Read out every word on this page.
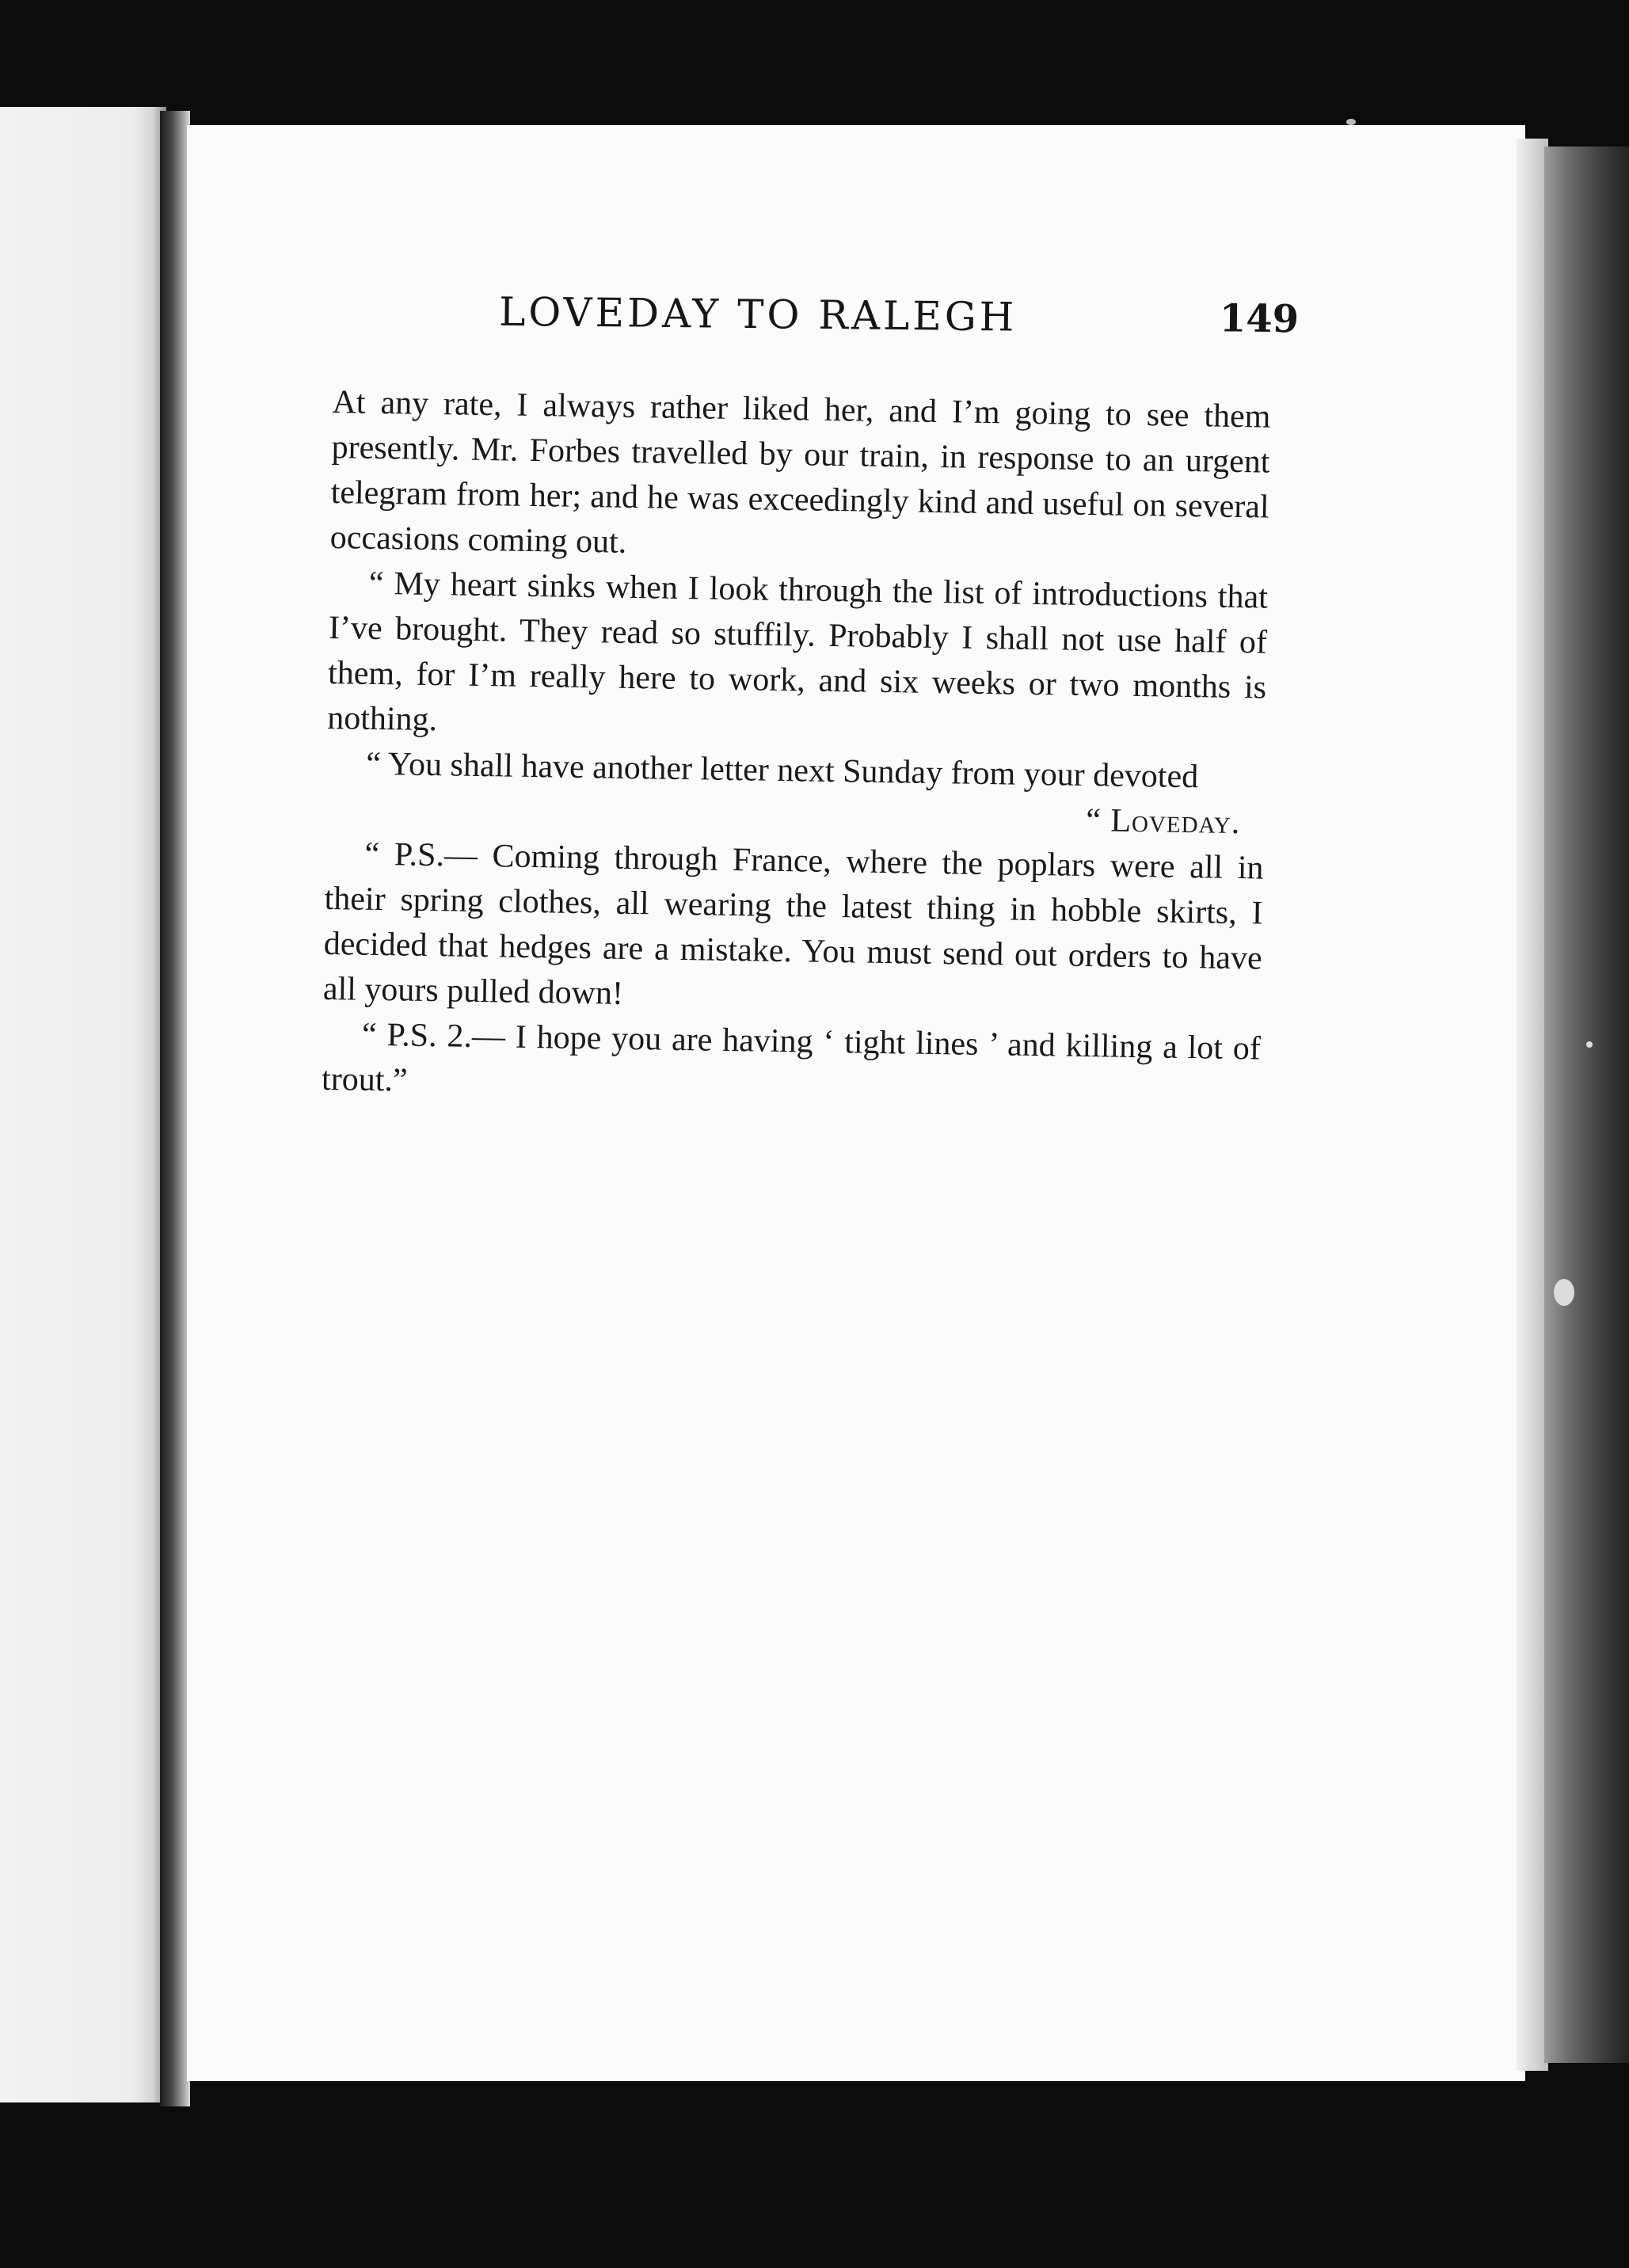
LOVEDAY TO RALEGH	149

At any rate, I always rather liked her, and I’m going to see them presently. Mr. Forbes travelled by our train, in response to an urgent telegram from her; and he was exceedingly kind and useful on several occasions coming out.

“ My heart sinks when I look through the list of introductions that I’ve brought. They read so stuffily. Probably I shall not use half of them, for I’m really here to work, and six weeks or two months is nothing.

“ You shall have another letter next Sunday from your devoted

“ Loveday.

“ P.S.— Coming through France, where the poplars were all in their spring clothes, all wearing the latest thing in hobble skirts, I decided that hedges are a mistake. You must send out orders to have all yours pulled down!

“ P.S. 2.— I hope you are having ‘ tight lines ’ and killing a lot of trout.”
